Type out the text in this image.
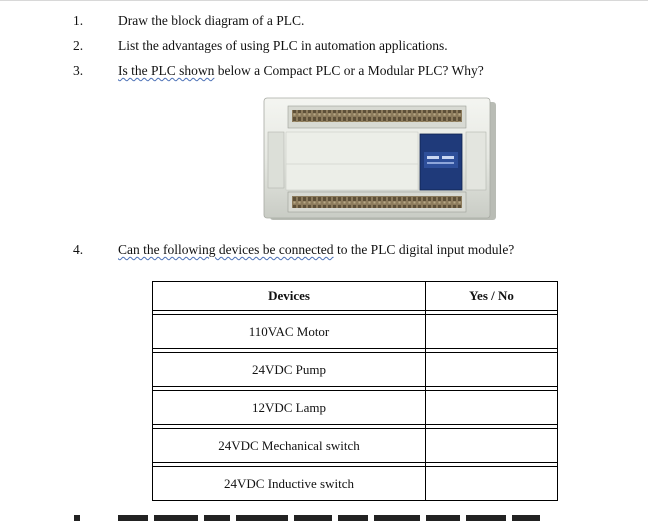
1.	Draw the block diagram of a PLC.
2.	List the advantages of using PLC in automation applications.
3.	Is the PLC shown below a Compact PLC or a Modular PLC? Why?
4.	Can the following devices be connected to the PLC digital input module?
Devices	Yes / No

110VAC Motor	

24VDC Pump	

12VDC Lamp	

24VDC Mechanical switch	

24VDC Inductive switch	
